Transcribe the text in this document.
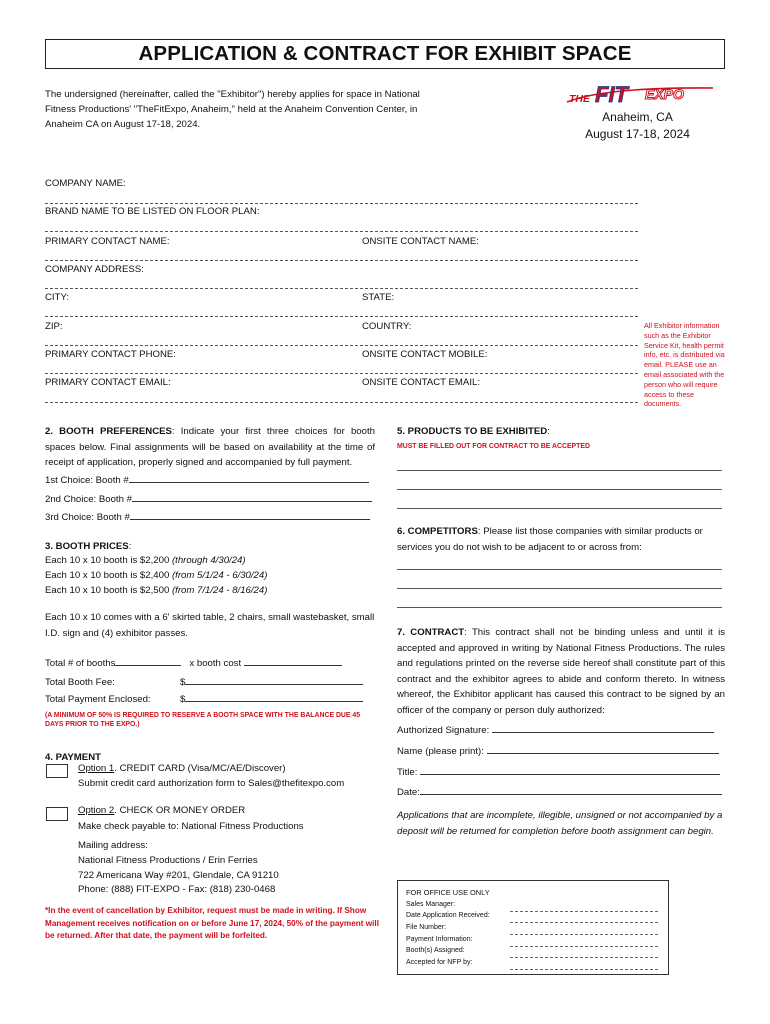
APPLICATION & CONTRACT FOR EXHIBIT SPACE
The undersigned (hereinafter, called the "Exhibitor") hereby applies for space in National Fitness Productions' "TheFitExpo, Anaheim," held at the Anaheim Convention Center, in Anaheim CA on August 17-18, 2024.
THE FIT EXPO
Anaheim, CA
August 17-18, 2024
COMPANY NAME:
BRAND NAME TO BE LISTED ON FLOOR PLAN:
PRIMARY CONTACT NAME:	ONSITE CONTACT NAME:
COMPANY ADDRESS:
CITY:	STATE:
ZIP:	COUNTRY:
PRIMARY CONTACT PHONE:	ONSITE CONTACT MOBILE:
PRIMARY CONTACT EMAIL:	ONSITE CONTACT EMAIL:
All Exhibitor information such as the Exhibitor Service Kit, health permit info, etc. is distributed via email. PLEASE use an email associated with the person who will require access to these documents.
2. BOOTH PREFERENCES: Indicate your first three choices for booth spaces below. Final assignments will be based on availability at the time of receipt of application, properly signed and accompanied by full payment.
1st Choice: Booth #
2nd Choice: Booth #
3rd Choice: Booth #
3. BOOTH PRICES:
Each 10 x 10 booth is $2,200 (through 4/30/24)
Each 10 x 10 booth is $2,400 (from 5/1/24 - 6/30/24)
Each 10 x 10 booth is $2,500 (from 7/1/24 - 8/16/24)
Each 10 x 10 comes with a 6' skirted table, 2 chairs, small wastebasket, small I.D. sign and (4) exhibitor passes.
Total # of booths	x booth cost
Total Booth Fee:	$
Total Payment Enclosed:	$
(A MINIMUM OF 50% IS REQUIRED TO RESERVE A BOOTH SPACE WITH THE BALANCE DUE 45 DAYS PRIOR TO THE EXPO.)
4. PAYMENT
Option 1. CREDIT CARD (Visa/MC/AE/Discover)
Submit credit card authorization form to Sales@thefitexpo.com
Option 2. CHECK OR MONEY ORDER
Make check payable to: National Fitness Productions
Mailing address:
National Fitness Productions / Erin Ferries
722 Americana Way #201, Glendale, CA 91210
Phone: (888) FIT-EXPO - Fax: (818) 230-0468
*In the event of cancellation by Exhibitor, request must be made in writing. If Show Management receives notification on or before June 17, 2024, 50% of the payment will be returned. After that date, the payment will be forfeited.
5. PRODUCTS TO BE EXHIBITED:
MUST BE FILLED OUT FOR CONTRACT TO BE ACCEPTED
6. COMPETITORS: Please list those companies with similar products or services you do not wish to be adjacent to or across from:
7. CONTRACT: This contract shall not be binding unless and until it is accepted and approved in writing by National Fitness Productions. The rules and regulations printed on the reverse side hereof shall constitute part of this contract and the exhibitor agrees to abide and conform thereto. In witness whereof, the Exhibitor applicant has caused this contract to be signed by an officer of the company or person duly authorized:
Authorized Signature:
Name (please print):
Title:
Date:
Applications that are incomplete, illegible, unsigned or not accompanied by a deposit will be returned for completion before booth assignment can begin.
FOR OFFICE USE ONLY
Sales Manager:
Date Application Received:
File Number:
Payment Information:
Booth(s) Assigned:
Accepted for NFP by:
